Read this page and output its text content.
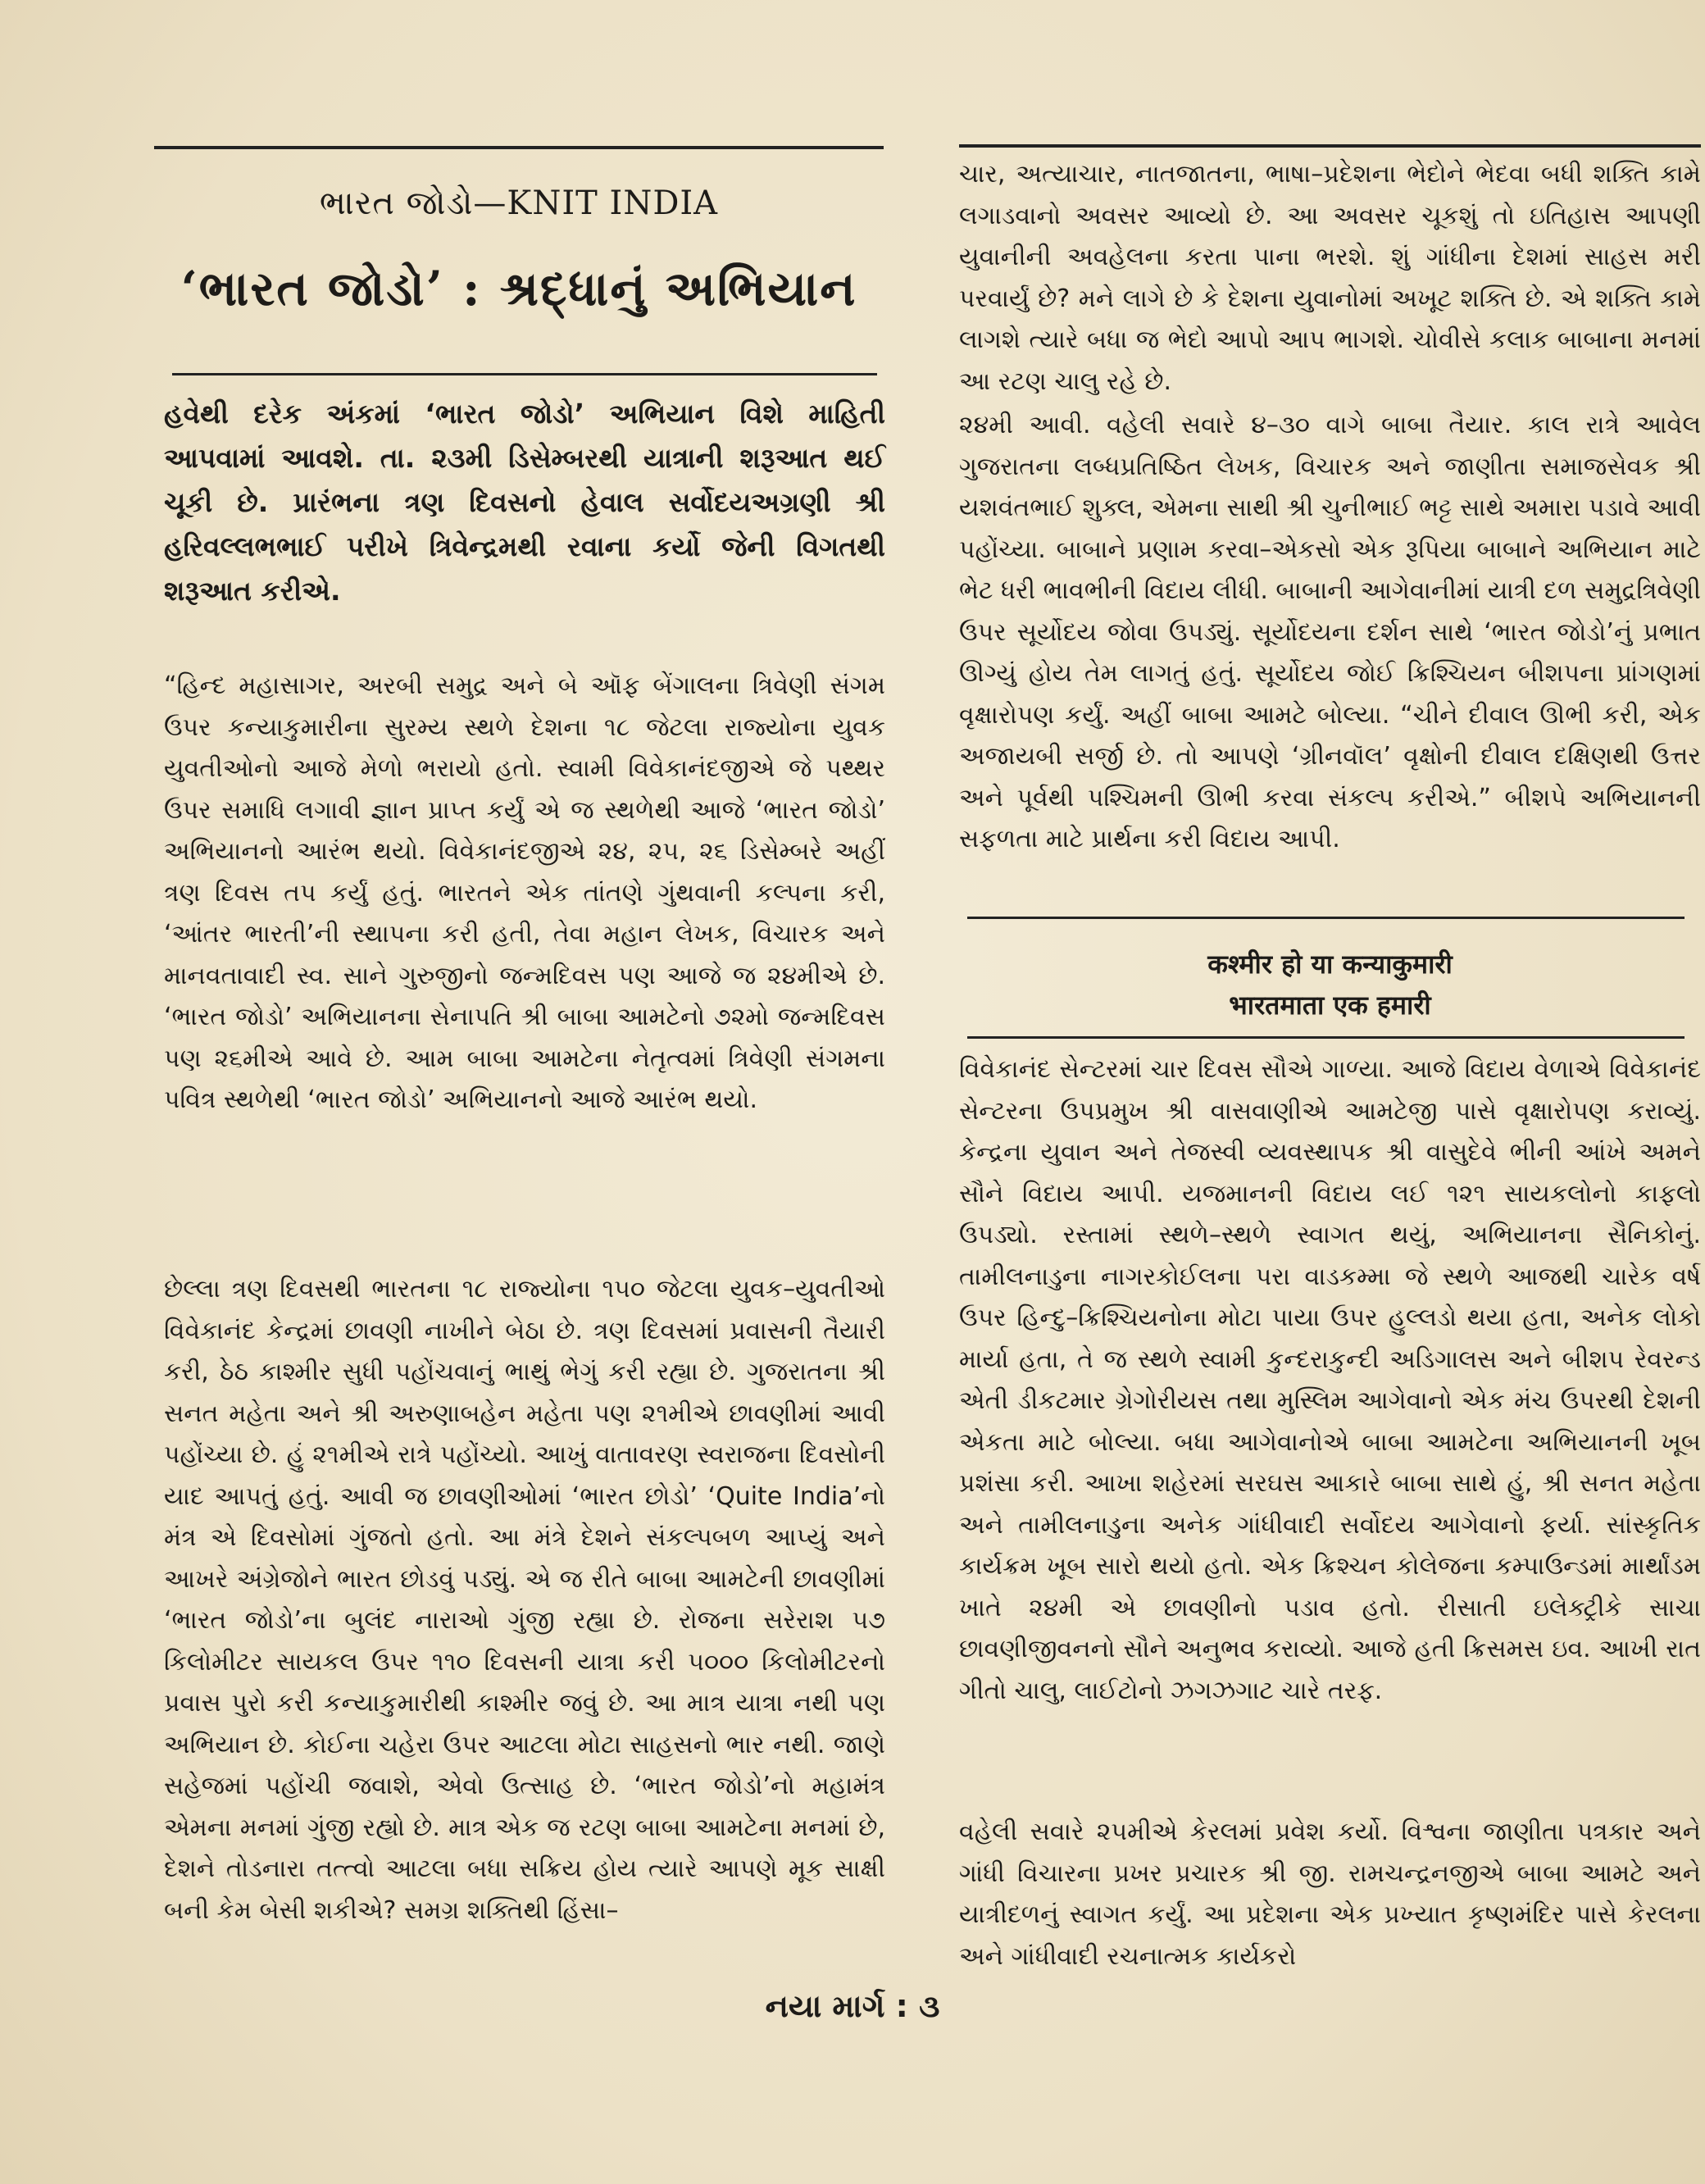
ભારત જોડો—KNIT INDIA
‘ભારત જોડો’ : શ્રદ્ધાનું અભિયાન

હવેથી દરેક અંકમાં ‘ભારત જોડો’ અભિયાન વિશે માહિતી આપવામાં આવશે. તા. ૨૩મી ડિસેમ્બરથી યાત્રાની શરૂઆત થઈ ચૂકી છે. પ્રારંભના ત્રણ દિવસનો હેવાલ સર્વોદયઅગ્રણી શ્રી હરિવલ્લભભાઈ પરીખે ત્રિવેન્દ્રમથી રવાના કર્યો જેની વિગતથી શરૂઆત કરીએ.

“હિન્દ મહાસાગર, અરબી સમુદ્ર અને બે ઑફ બેંગાલના ત્રિવેણી સંગમ ઉપર કન્યાકુમારીના સુરમ્ય સ્થળે દેશના ૧૮ જેટલા રાજ્યોના યુવક યુવતીઓનો આજે મેળો ભરાયો હતો. સ્વામી વિવેકાનંદજીએ જે પથ્થર ઉપર સમાધિ લગાવી જ્ઞાન પ્રાપ્ત કર્યું એ જ સ્થળેથી આજે ‘ભારત જોડો’ અભિયાનનો આરંભ થયો. વિવેકાનંદજીએ ૨૪, ૨૫, ૨૬ ડિસેમ્બરે અહીં ત્રણ દિવસ તપ કર્યું હતું. ભારતને એક તાંતણે ગુંથવાની કલ્પના કરી, ‘આંતર ભારતી’ની સ્થાપના કરી હતી, તેવા મહાન લેખક, વિચારક અને માનવતાવાદી સ્વ. સાને ગુરુજીનો જન્મદિવસ પણ આજે જ ૨૪મીએ છે. ‘ભારત જોડો’ અભિયાનના સેનાપતિ શ્રી બાબા આમટેનો ૭૨મો જન્મદિવસ પણ ૨૬મીએ આવે છે. આમ બાબા આમટેના નેતૃત્વમાં ત્રિવેણી સંગમના પવિત્ર સ્થળેથી ‘ભારત જોડો’ અભિયાનનો આજે આરંભ થયો.

છેલ્લા ત્રણ દિવસથી ભારતના ૧૮ રાજ્યોના ૧૫૦ જેટલા યુવક–યુવતીઓ વિવેકાનંદ કેન્દ્રમાં છાવણી નાખીને બેઠા છે. ત્રણ દિવસમાં પ્રવાસની તૈયારી કરી, ઠેઠ કાશ્મીર સુધી પહોંચવાનું ભાથું ભેગું કરી રહ્યા છે. ગુજરાતના શ્રી સનત મહેતા અને શ્રી અરુણાબહેન મહેતા પણ ૨૧મીએ છાવણીમાં આવી પહોંચ્યા છે. હું ૨૧મીએ રાત્રે પહોંચ્યો. આખું વાતાવરણ સ્વરાજના દિવસોની યાદ આપતું હતું. આવી જ છાવણીઓમાં ‘ભારત છોડો’ ‘Quite India’નો મંત્ર એ દિવસોમાં ગુંજતો હતો. આ મંત્રે દેશને સંકલ્પબળ આપ્યું અને આખરે અંગ્રેજોને ભારત છોડવું પડ્યું. એ જ રીતે બાબા આમટેની છાવણીમાં ‘ભારત જોડો’ના બુલંદ નારાઓ ગુંજી રહ્યા છે. રોજના સરેરાશ ૫૭ કિલોમીટર સાયકલ ઉપર ૧૧૦ દિવસની યાત્રા કરી ૫૦૦૦ કિલોમીટરનો પ્રવાસ પુરો કરી કન્યાકુમારીથી કાશ્મીર જવું છે. આ માત્ર યાત્રા નથી પણ અભિયાન છે. કોઈના ચહેરા ઉપર આટલા મોટા સાહસનો ભાર નથી. જાણે સહેજમાં પહોંચી જવાશે, એવો ઉત્સાહ છે. ‘ભારત જોડો’નો મહામંત્ર એમના મનમાં ગુંજી રહ્યો છે. માત્ર એક જ રટણ બાબા આમટેના મનમાં છે, દેશને તોડનારા તત્ત્વો આટલા બધા સક્રિય હોય ત્યારે આપણે મૂક સાક્ષી બની કેમ બેસી શકીએ? સમગ્ર શક્તિથી હિંસા–

ચાર, અત્યાચાર, નાતજાતના, ભાષા–પ્રદેશના ભેદોને ભેદવા બધી શક્તિ કામે લગાડવાનો અવસર આવ્યો છે. આ અવસર ચૂકશું તો ઇતિહાસ આપણી યુવાનીની અવહેલના કરતા પાના ભરશે. શું ગાંધીના દેશમાં સાહસ મરી પરવાર્યું છે? મને લાગે છે કે દેશના યુવાનોમાં અખૂટ શક્તિ છે. એ શક્તિ કામે લાગશે ત્યારે બધા જ ભેદો આપો આપ ભાગશે. ચોવીસે કલાક બાબાના મનમાં આ રટણ ચાલુ રહે છે.

૨૪મી આવી. વહેલી સવારે ૪–૩૦ વાગે બાબા તૈયાર. કાલ રાત્રે આવેલ ગુજરાતના લબ્ધપ્રતિષ્ઠિત લેખક, વિચારક અને જાણીતા સમાજસેવક શ્રી યશવંતભાઈ શુક્લ, એમના સાથી શ્રી ચુનીભાઈ ભટ્ટ સાથે અમારા પડાવે આવી પહોંચ્યા. બાબાને પ્રણામ કરવા–એકસો એક રૂપિયા બાબાને અભિયાન માટે ભેટ ધરી ભાવભીની વિદાય લીધી. બાબાની આગેવાનીમાં યાત્રી દળ સમુદ્રત્રિવેણી ઉપર સૂર્યોદય જોવા ઉપડ્યું. સૂર્યોદયના દર્શન સાથે ‘ભારત જોડો’નું પ્રભાત ઊગ્યું હોય તેમ લાગતું હતું. સૂર્યોદય જોઈ ક્રિશ્ચિયન બીશપના પ્રાંગણમાં વૃક્ષારોપણ કર્યું. અહીં બાબા આમટે બોલ્યા. “ચીને દીવાલ ઊભી કરી, એક અજાયબી સર્જી છે. તો આપણે ‘ગ્રીનવૉલ’ વૃક્ષોની દીવાલ દક્ષિણથી ઉત્તર અને પૂર્વથી પશ્ચિમની ઊભી કરવા સંકલ્પ કરીએ.” બીશપે અભિયાનની સફળતા માટે પ્રાર્થના કરી વિદાય આપી.

कश्मीर हो या कन्याकुमारी
भारतमाता एक हमारी

વિવેકાનંદ સેન્ટરમાં ચાર દિવસ સૌએ ગાળ્યા. આજે વિદાય વેળાએ વિવેકાનંદ સેન્ટરના ઉપપ્રમુખ શ્રી વાસવાણીએ આમટેજી પાસે વૃક્ષારોપણ કરાવ્યું. કેન્દ્રના યુવાન અને તેજસ્વી વ્યવસ્થાપક શ્રી વાસુદેવે ભીની આંખે અમને સૌને વિદાય આપી. યજમાનની વિદાય લઈ ૧૨૧ સાયકલોનો કાફલો ઉપડ્યો. રસ્તામાં સ્થળે–સ્થળે સ્વાગત થયું, અભિયાનના સૈનિકોનું. તામીલનાડુના નાગરકોઈલના પરા વાડકમ્મા જે સ્થળે આજથી ચારેક વર્ષ ઉપર હિન્દુ–ક્રિશ્ચિયનોના મોટા પાયા ઉપર હુલ્લડો થયા હતા, અનેક લોકો માર્યા હતા, તે જ સ્થળે સ્વામી કુન્દરાકુન્દી અડિગાલસ અને બીશપ રેવરન્ડ એતી ડીકટમાર ગ્રેગોરીયસ તથા મુસ્લિમ આગેવાનો એક મંચ ઉપરથી દેશની એકતા માટે બોલ્યા. બધા આગેવાનોએ બાબા આમટેના અભિયાનની ખૂબ પ્રશંસા કરી. આખા શહેરમાં સરઘસ આકારે બાબા સાથે હું, શ્રી સનત મહેતા અને તામીલનાડુના અનેક ગાંધીવાદી સર્વોદય આગેવાનો ફર્યા. સાંસ્કૃતિક કાર્યક્રમ ખૂબ સારો થયો હતો. એક ક્રિશ્ચન કોલેજના કમ્પાઉન્ડમાં માર્થાંડમ ખાતે ૨૪મી એ છાવણીનો પડાવ હતો. રીસાતી ઇલેક્ટ્રીકે સાચા છાવણીજીવનનો સૌને અનુભવ કરાવ્યો. આજે હતી ક્રિસમસ ઇવ. આખી રાત ગીતો ચાલુ, લાઈટોનો ઝગઝગાટ ચારે તરફ.

વહેલી સવારે ૨૫મીએ કેરલમાં પ્રવેશ કર્યો. વિશ્વના જાણીતા પત્રકાર અને ગાંધી વિચારના પ્રખર પ્રચારક શ્રી જી. રામચન્દ્રનજીએ બાબા આમટે અને યાત્રીદળનું સ્વાગત કર્યું. આ પ્રદેશના એક પ્રખ્યાત કૃષ્ણમંદિર પાસે કેરલના અને ગાંધીવાદી રચનાત્મક કાર્યકરો

નયા માર્ગ : ૩
